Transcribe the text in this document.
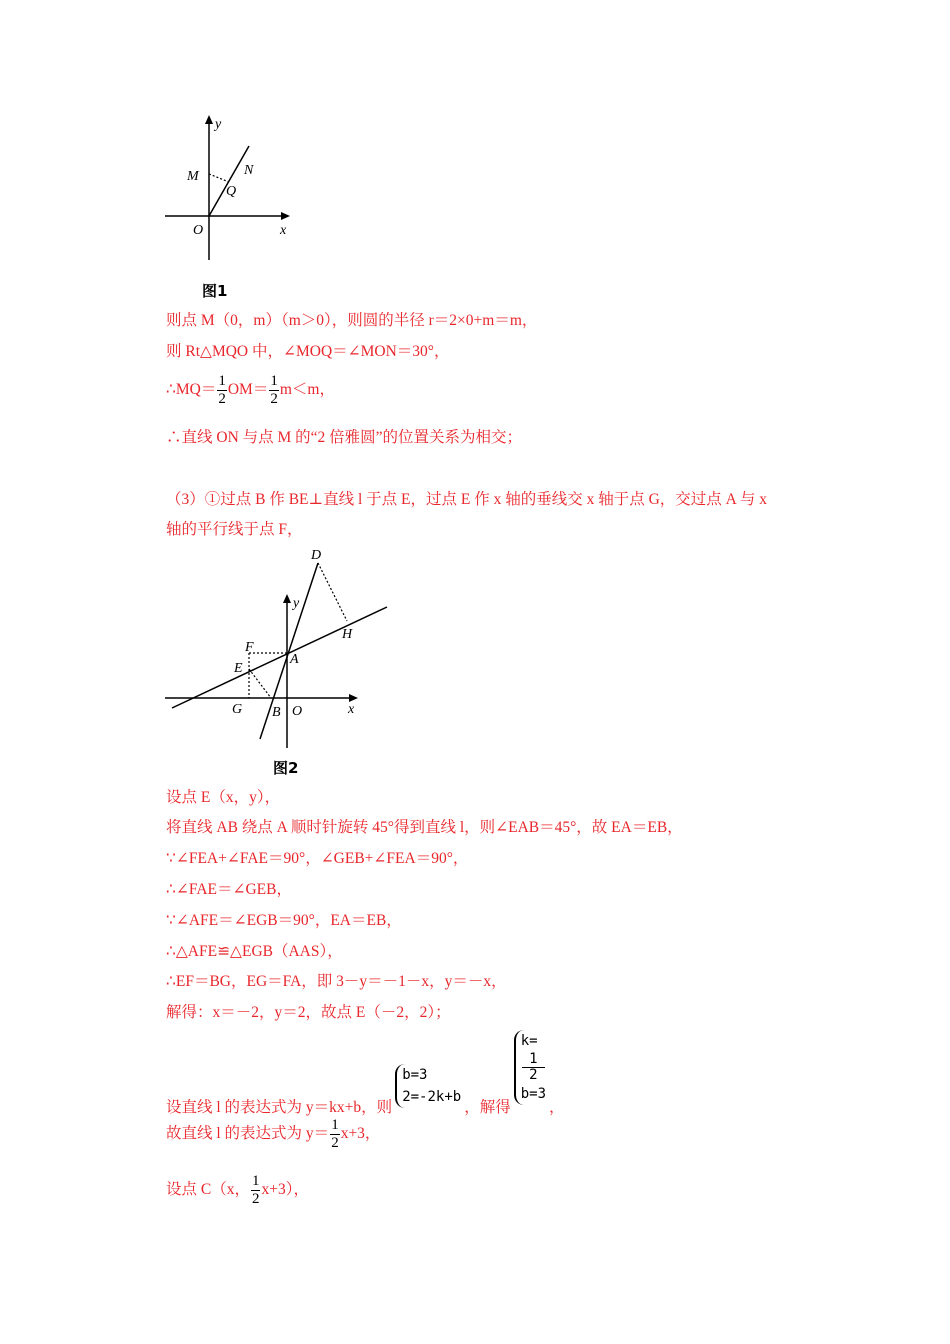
y
M	N
Q
O	x
图1
则点 M（0，m）（m＞0），则圆的半径 r＝2×0+m＝m，
则 Rt△MQO 中，∠MOQ＝∠MON＝30°，
∴MQ＝ $\frac{1}{2} OM= \frac{1}{2} m<m$，
∴直线 ON 与点 M 的“2 倍雅圆”的位置关系为相交；
（3）①过点 B 作 BE⊥直线 l 于点 E，过点 E 作 x 轴的垂线交 x 轴于点 G，交过点 A 与 x
轴的平行线于点 F，
D
y
H
F
A
E
G B O	x
图2
设点 E（x，y），
将直线 AB 绕点 A 顺时针旋转 45°得到直线 l，则∠EAB＝45°，故 EA＝EB，
∵∠FEA+∠FAE＝90°，∠GEB+∠FEA＝90°，
∴∠FAE＝∠GEB，
∵∠AFE＝∠EGB＝90°，EA＝EB，
∴△AFE≌△EGB（AAS），
∴EF＝BG，EG＝FA，即 3－y＝－1－x，y＝－x，
解得：x＝－2，y＝2，故点 E（－2，2）；
设直线 l 的表达式为 y＝kx+b，则
b=3
2=-2k+b
，解得
k=
1
2
b=3
，
故直线 l 的表达式为 $y= \frac{1}{2} x+3$，
设点 C（x， $\frac{1}{2} x+3$），
